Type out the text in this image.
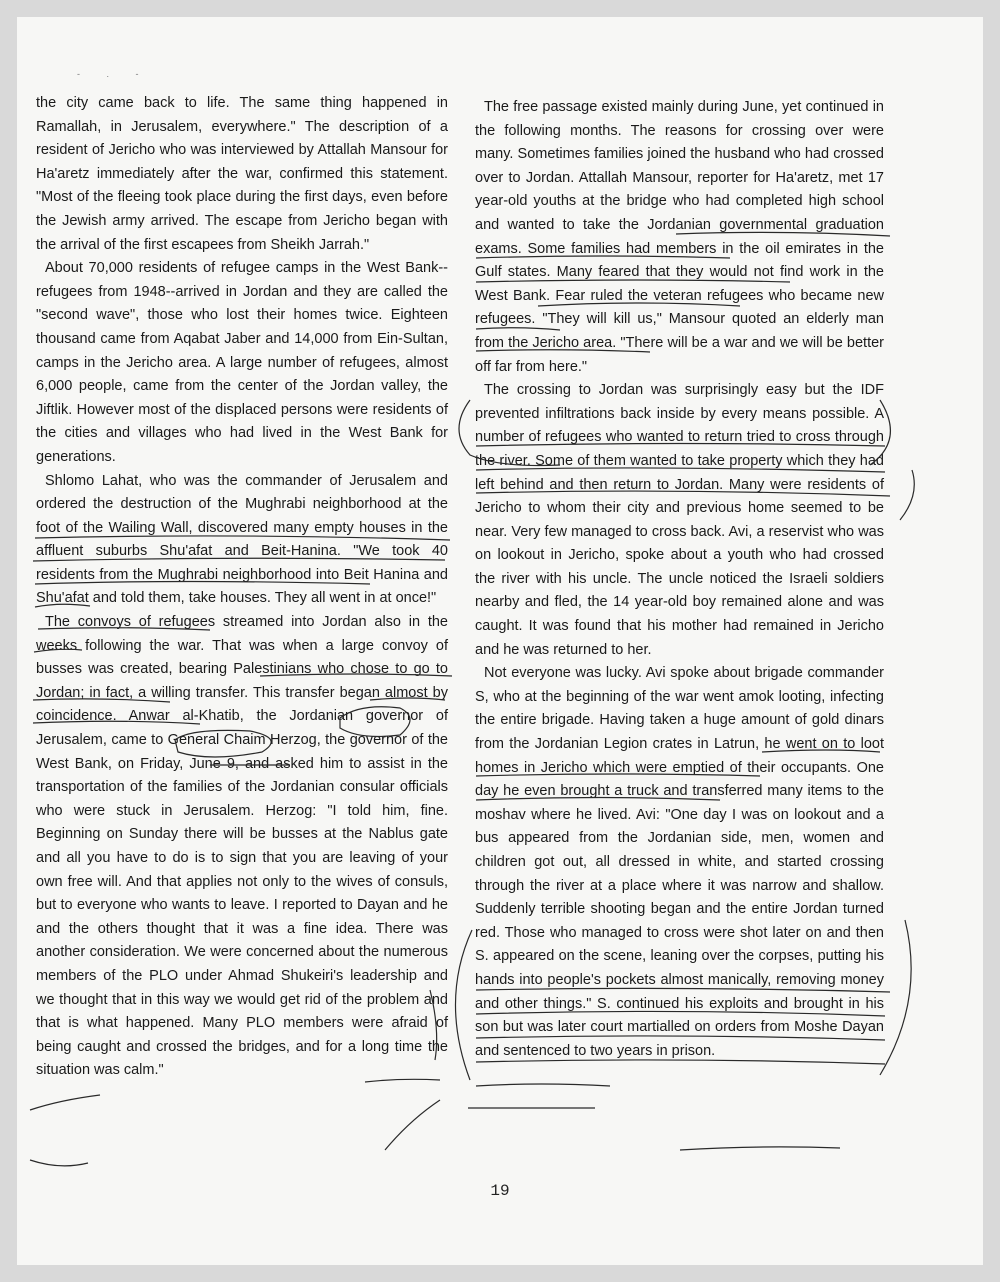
- . -

the city came back to life. The same thing happened in Ramallah, in Jerusalem, everywhere." The description of a resident of Jericho who was interviewed by Attallah Mansour for Ha'aretz immediately after the war, confirmed this statement. "Most of the fleeing took place during the first days, even before the Jewish army arrived. The escape from Jericho began with the arrival of the first escapees from Sheikh Jarrah."

About 70,000 residents of refugee camps in the West Bank--refugees from 1948--arrived in Jordan and they are called the "second wave", those who lost their homes twice. Eighteen thousand came from Aqabat Jaber and 14,000 from Ein-Sultan, camps in the Jericho area. A large number of refugees, almost 6,000 people, came from the center of the Jordan valley, the Jiftlik. However most of the displaced persons were residents of the cities and villages who had lived in the West Bank for generations.

Shlomo Lahat, who was the commander of Jerusalem and ordered the destruction of the Mughrabi neighborhood at the foot of the Wailing Wall, discovered many empty houses in the affluent suburbs Shu'afat and Beit-Hanina. "We took 40 residents from the Mughrabi neighborhood into Beit Hanina and Shu'afat and told them, take houses. They all went in at once!"

The convoys of refugees streamed into Jordan also in the weeks following the war. That was when a large convoy of busses was created, bearing Palestinians who chose to go to Jordan; in fact, a willing transfer. This transfer began almost by coincidence. Anwar al-Khatib, the Jordanian governor of Jerusalem, came to General Chaim Herzog, the governor of the West Bank, on Friday, June 9, and asked him to assist in the transportation of the families of the Jordanian consular officials who were stuck in Jerusalem. Herzog: "I told him, fine. Beginning on Sunday there will be busses at the Nablus gate and all you have to do is to sign that you are leaving of your own free will. And that applies not only to the wives of consuls, but to everyone who wants to leave. I reported to Dayan and he and the others thought that it was a fine idea. There was another consideration. We were concerned about the numerous members of the PLO under Ahmad Shukeiri's leadership and we thought that in this way we would get rid of the problem and that is what happened. Many PLO members were afraid of being caught and crossed the bridges, and for a long time the situation was calm."

The free passage existed mainly during June, yet continued in the following months. The reasons for crossing over were many. Sometimes families joined the husband who had crossed over to Jordan. Attallah Mansour, reporter for Ha'aretz, met 17 year-old youths at the bridge who had completed high school and wanted to take the Jordanian governmental graduation exams. Some families had members in the oil emirates in the Gulf states. Many feared that they would not find work in the West Bank. Fear ruled the veteran refugees who became new refugees. "They will kill us," Mansour quoted an elderly man from the Jericho area. "There will be a war and we will be better off far from here."

The crossing to Jordan was surprisingly easy but the IDF prevented infiltrations back inside by every means possible. A number of refugees who wanted to return tried to cross through the river. Some of them wanted to take property which they had left behind and then return to Jordan. Many were residents of Jericho to whom their city and previous home seemed to be near. Very few managed to cross back. Avi, a reservist who was on lookout in Jericho, spoke about a youth who had crossed the river with his uncle. The uncle noticed the Israeli soldiers nearby and fled, the 14 year-old boy remained alone and was caught. It was found that his mother had remained in Jericho and he was returned to her.

Not everyone was lucky. Avi spoke about brigade commander S, who at the beginning of the war went amok looting, infecting the entire brigade. Having taken a huge amount of gold dinars from the Jordanian Legion crates in Latrun, he went on to loot homes in Jericho which were emptied of their occupants. One day he even brought a truck and transferred many items to the moshav where he lived. Avi: "One day I was on lookout and a bus appeared from the Jordanian side, men, women and children got out, all dressed in white, and started crossing through the river at a place where it was narrow and shallow. Suddenly terrible shooting began and the entire Jordan turned red. Those who managed to cross were shot later on and then S. appeared on the scene, leaning over the corpses, putting his hands into people's pockets almost manically, removing money and other things." S. continued his exploits and brought in his son but was later court martialled on orders from Moshe Dayan and sentenced to two years in prison.

19
